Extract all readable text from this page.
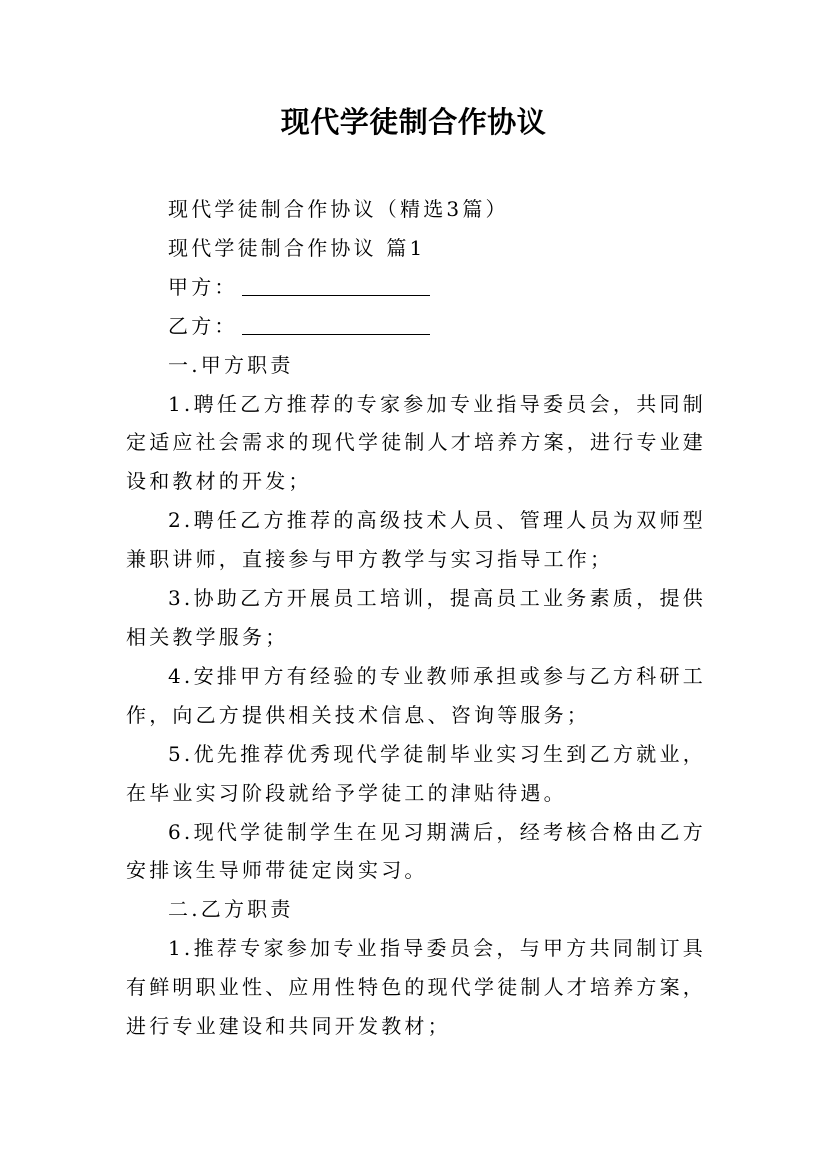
现代学徒制合作协议

现代学徒制合作协议（精选3篇）

现代学徒制合作协议 篇1

甲方：

乙方：

一.甲方职责

1.聘任乙方推荐的专家参加专业指导委员会，共同制定适应社会需求的现代学徒制人才培养方案，进行专业建设和教材的开发；

2.聘任乙方推荐的高级技术人员、管理人员为双师型兼职讲师，直接参与甲方教学与实习指导工作；

3.协助乙方开展员工培训，提高员工业务素质，提供相关教学服务；

4.安排甲方有经验的专业教师承担或参与乙方科研工作，向乙方提供相关技术信息、咨询等服务；

5.优先推荐优秀现代学徒制毕业实习生到乙方就业，在毕业实习阶段就给予学徒工的津贴待遇。

6.现代学徒制学生在见习期满后，经考核合格由乙方安排该生导师带徒定岗实习。

二.乙方职责

1.推荐专家参加专业指导委员会，与甲方共同制订具有鲜明职业性、应用性特色的现代学徒制人才培养方案，进行专业建设和共同开发教材；
